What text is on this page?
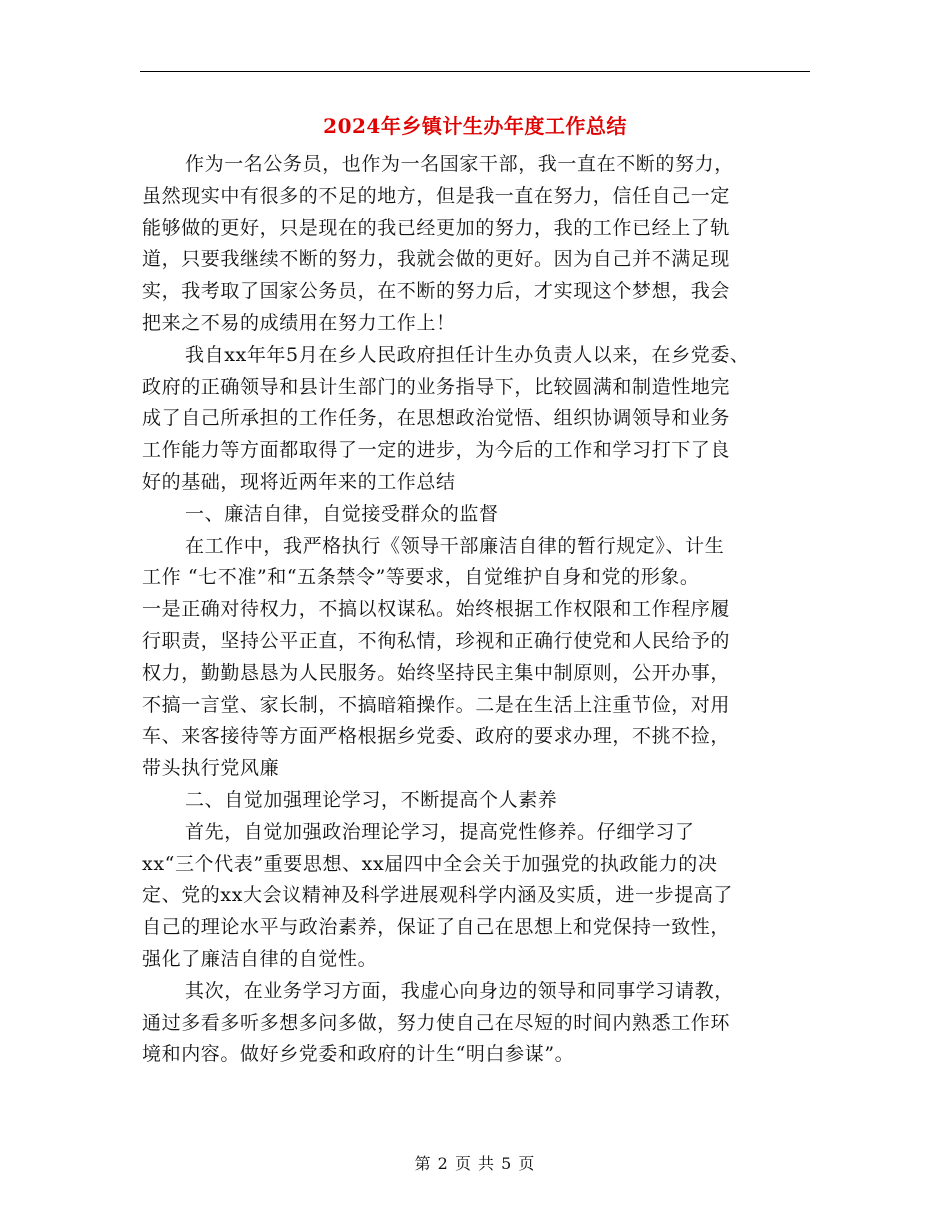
2024年乡镇计生办年度工作总结

作为一名公务员，也作为一名国家干部，我一直在不断的努力，
虽然现实中有很多的不足的地方，但是我一直在努力，信任自己一定
能够做的更好，只是现在的我已经更加的努力，我的工作已经上了轨
道，只要我继续不断的努力，我就会做的更好。因为自己并不满足现
实，我考取了国家公务员，在不断的努力后，才实现这个梦想，我会
把来之不易的成绩用在努力工作上！

我自xx年年5月在乡人民政府担任计生办负责人以来，在乡党委、
政府的正确领导和县计生部门的业务指导下，比较圆满和制造性地完
成了自己所承担的工作任务，在思想政治觉悟、组织协调领导和业务
工作能力等方面都取得了一定的进步，为今后的工作和学习打下了良
好的基础，现将近两年来的工作总结

一、廉洁自律，自觉接受群众的监督

在工作中，我严格执行《领导干部廉洁自律的暂行规定》、计生
工作 “七不准”和“五条禁令”等要求，自觉维护自身和党的形象。
一是正确对待权力，不搞以权谋私。始终根据工作权限和工作程序履
行职责，坚持公平正直，不徇私情，珍视和正确行使党和人民给予的
权力，勤勤恳恳为人民服务。始终坚持民主集中制原则，公开办事，
不搞一言堂、家长制，不搞暗箱操作。二是在生活上注重节俭，对用
车、来客接待等方面严格根据乡党委、政府的要求办理，不挑不捡，
带头执行党风廉

二、自觉加强理论学习，不断提高个人素养

首先，自觉加强政治理论学习，提高党性修养。仔细学习了
xx“三个代表”重要思想、xx届四中全会关于加强党的执政能力的决
定、党的xx大会议精神及科学进展观科学内涵及实质，进一步提高了
自己的理论水平与政治素养，保证了自己在思想上和党保持一致性，
强化了廉洁自律的自觉性。

其次，在业务学习方面，我虚心向身边的领导和同事学习请教，
通过多看多听多想多问多做，努力使自己在尽短的时间内熟悉工作环
境和内容。做好乡党委和政府的计生“明白参谋”。

第 2 页 共 5 页
